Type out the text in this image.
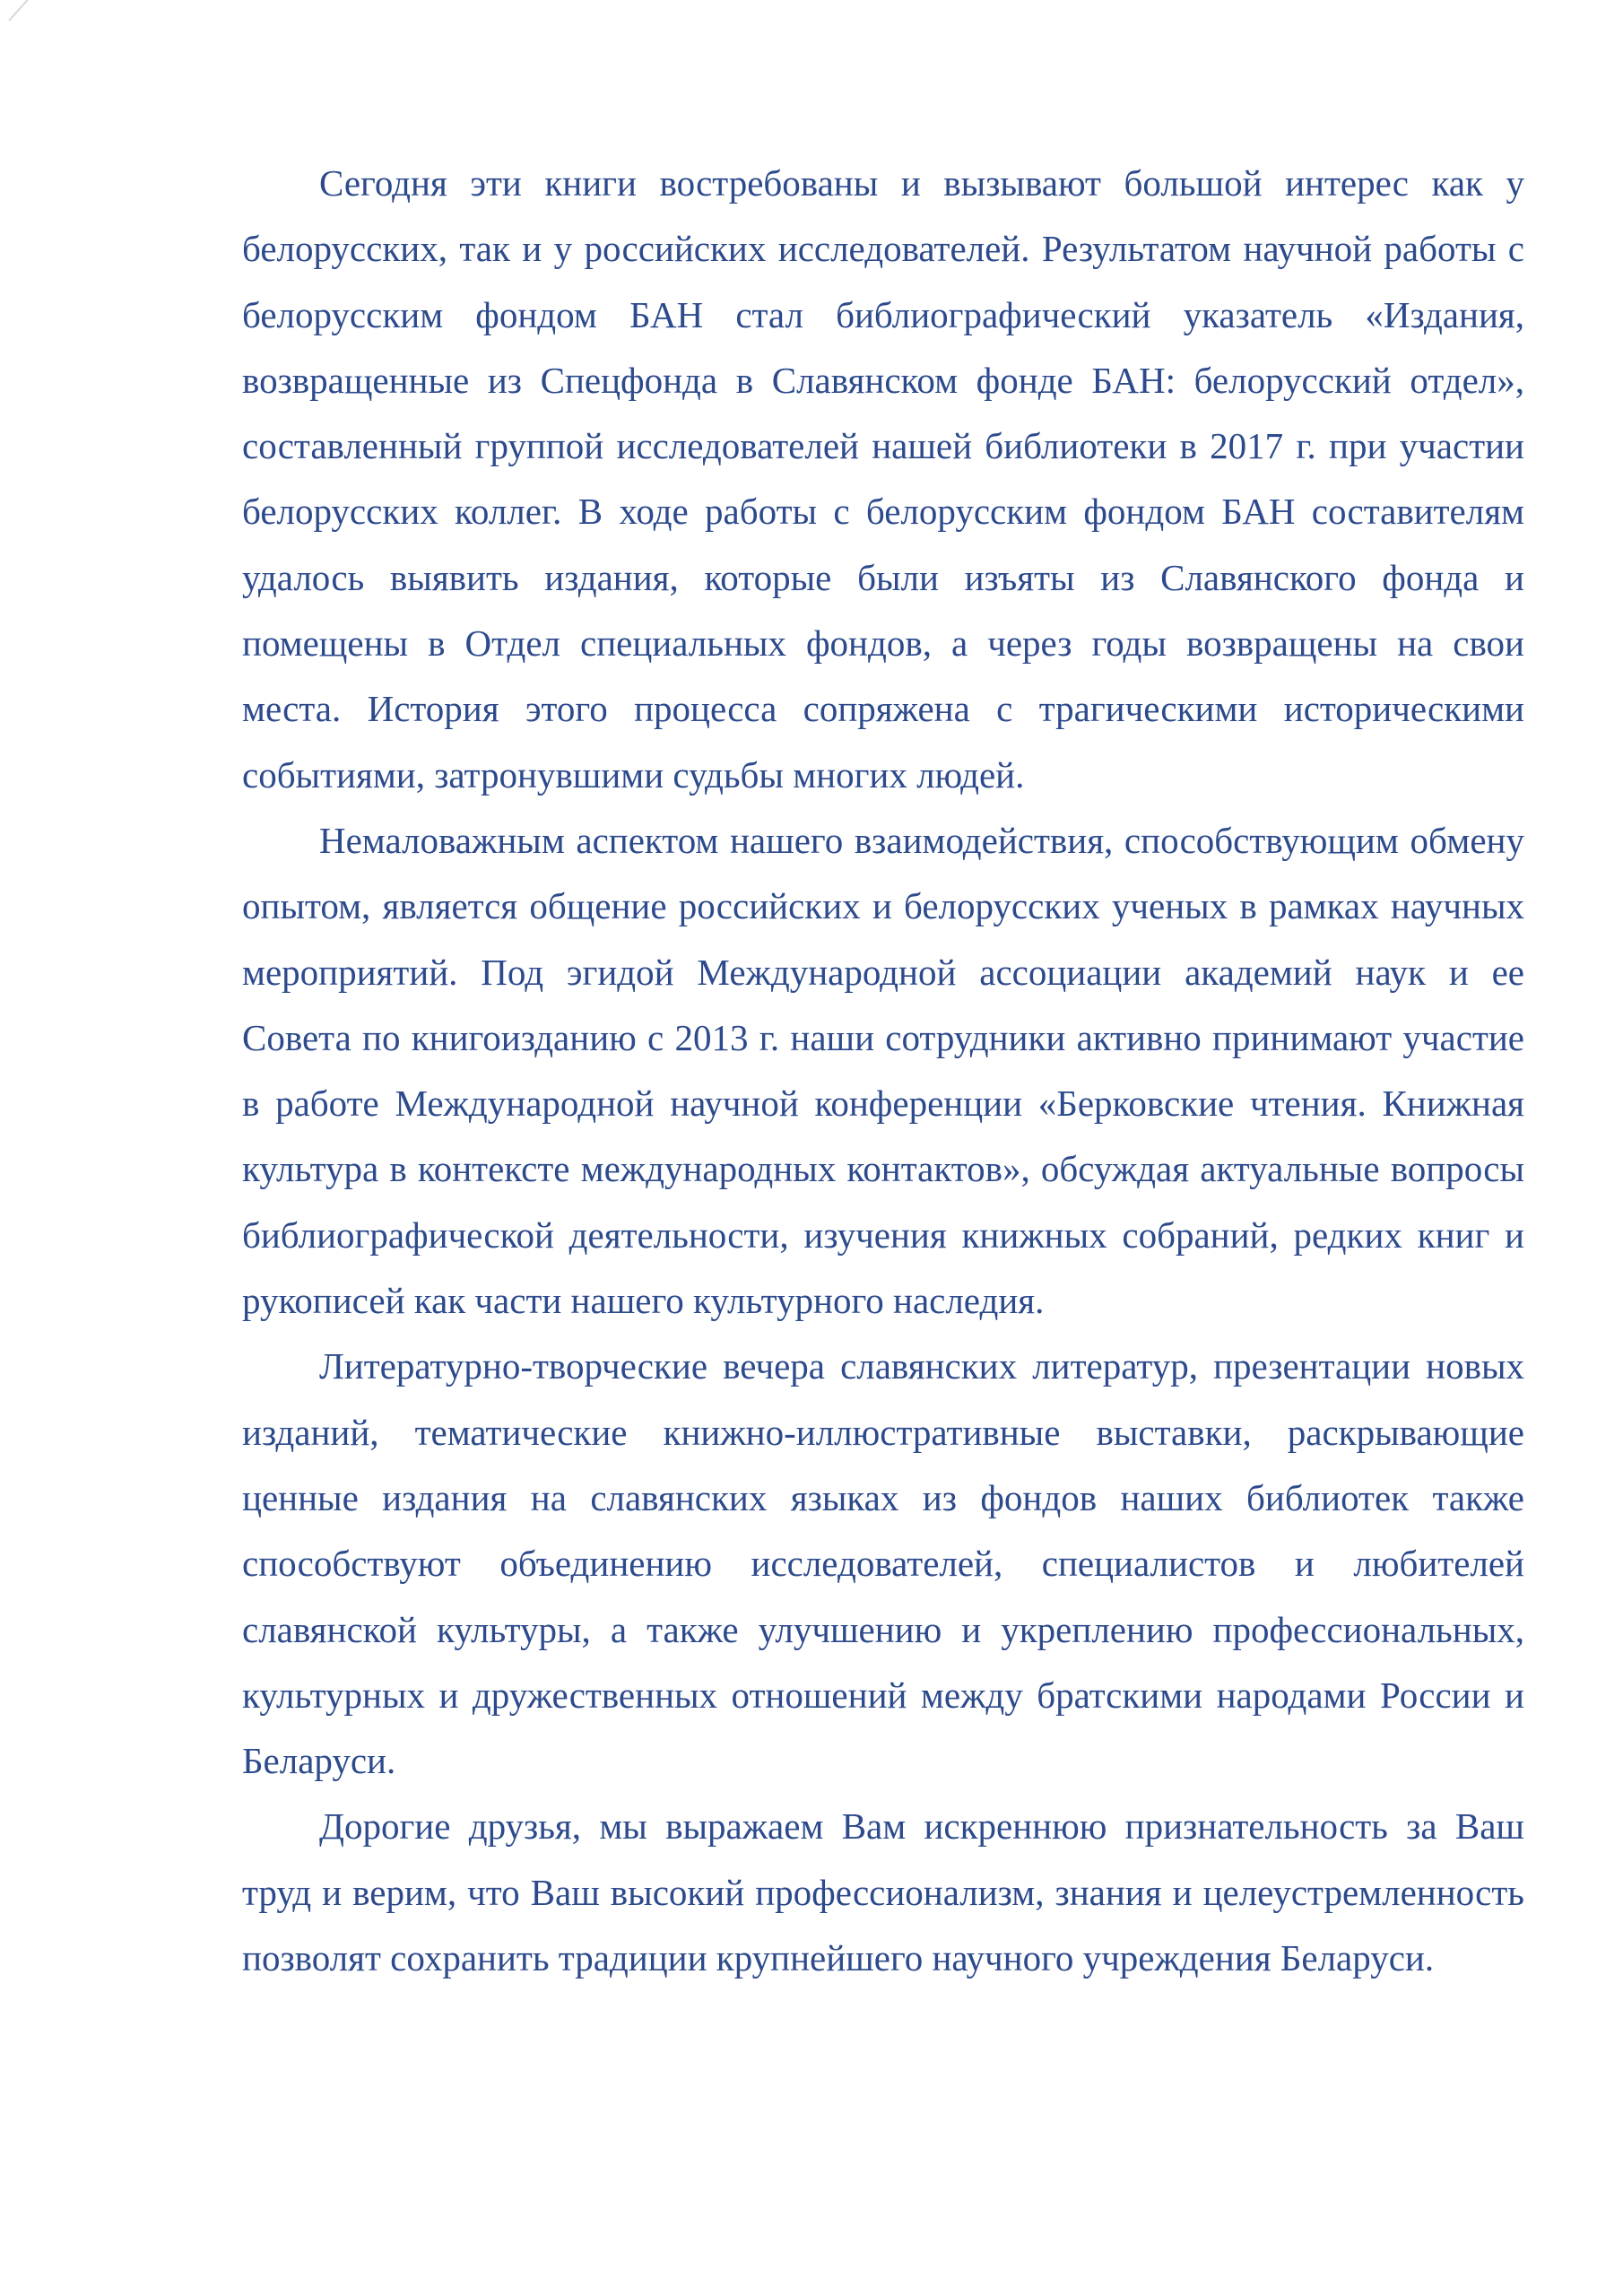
Сегодня эти книги востребованы и вызывают большой интерес как у белорусских, так и у российских исследователей. Результатом научной работы с белорусским фондом БАН стал библиографический указатель «Издания, возвращенные из Спецфонда в Славянском фонде БАН: белорусский отдел», составленный группой исследователей нашей библиотеки в 2017 г. при участии белорусских коллег. В ходе работы с белорусским фондом БАН составителям удалось выявить издания, которые были изъяты из Славянского фонда и помещены в Отдел специальных фондов, а через годы возвращены на свои места. История этого процесса сопряжена с трагическими историческими событиями, затронувшими судьбы многих людей.

Немаловажным аспектом нашего взаимодействия, способствующим обмену опытом, является общение российских и белорусских ученых в рамках научных мероприятий. Под эгидой Международной ассоциации академий наук и ее Совета по книгоизданию с 2013 г. наши сотрудники активно принимают участие в работе Международной научной конференции «Берковские чтения. Книжная культура в контексте международных контактов», обсуждая актуальные вопросы библиографической деятельности, изучения книжных собраний, редких книг и рукописей как части нашего культурного наследия.

Литературно-творческие вечера славянских литератур, презентации новых изданий, тематические книжно-иллюстративные выставки, раскрывающие ценные издания на славянских языках из фондов наших библиотек также способствуют объединению исследователей, специалистов и любителей славянской культуры, а также улучшению и укреплению профессиональных, культурных и дружественных отношений между братскими народами России и Беларуси.

Дорогие друзья, мы выражаем Вам искреннюю признательность за Ваш труд и верим, что Ваш высокий профессионализм, знания и целеустремленность позволят сохранить традиции крупнейшего научного учреждения Беларуси.
